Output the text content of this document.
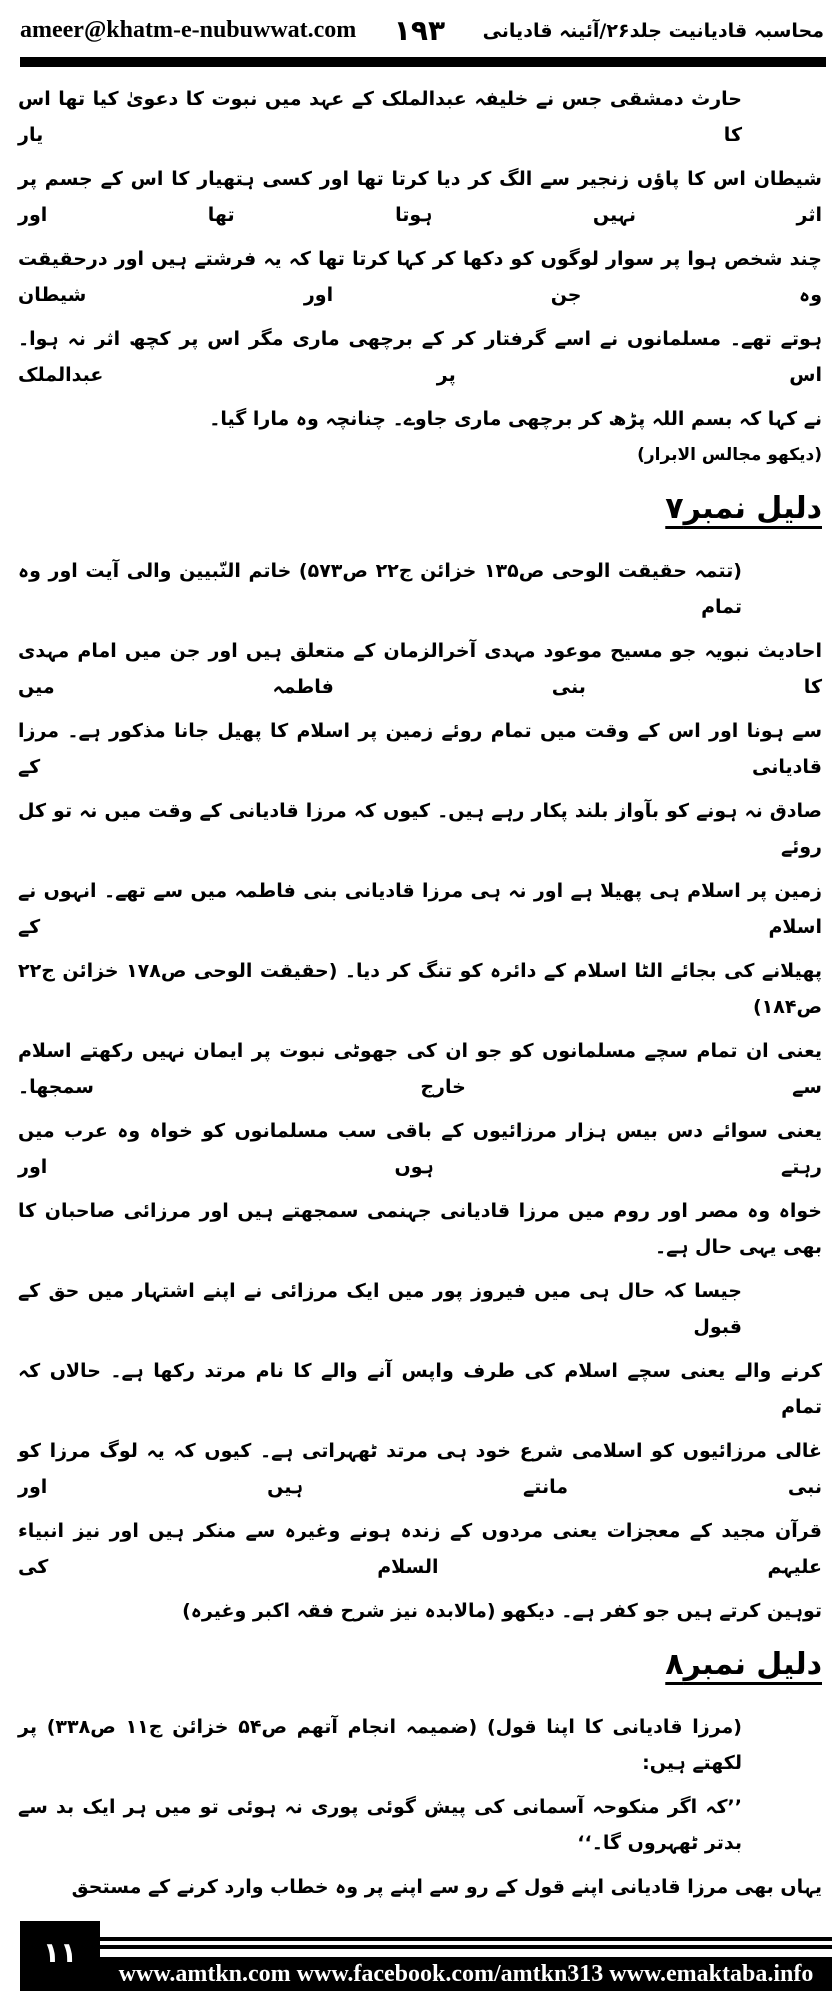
ameer@khatm-e-nubuwwat.com ۱۹۳ محاسبہ قادیانیت جلد۲۶/آئینہ قادیانی
حارث دمشقی جس نے خلیفہ عبدالملک کے عہد میں نبوت کا دعویٰ کیا تھا اس کا یار
شیطان اس کا پاؤں زنجیر سے الگ کر دیا کرتا تھا اور کسی ہتھیار کا اس کے جسم پر اثر نہیں ہوتا تھا اور
چند شخص ہوا پر سوار لوگوں کو دکھا کر کہا کرتا تھا کہ یہ فرشتے ہیں اور درحقیقت وہ جن اور شیطان
ہوتے تھے۔ مسلمانوں نے اسے گرفتار کر کے برچھی ماری مگر اس پر کچھ اثر نہ ہوا۔ اس پر عبدالملک
نے کہا کہ بسم اللہ پڑھ کر برچھی ماری جاوے۔ چنانچہ وہ مارا گیا۔
(دیکھو مجالس الابرار)
دلیل نمبر۷
(تتمہ حقیقت الوحی ص۱۳۵ خزائن ج۲۲ ص۵۷۳) خاتم النّبیین والی آیت اور وہ تمام
احادیث نبویہ جو مسیح موعود مہدی آخرالزمان کے متعلق ہیں اور جن میں امام مہدی کا بنی فاطمہ میں
سے ہونا اور اس کے وقت میں تمام روئے زمین پر اسلام کا پھیل جانا مذکور ہے۔ مرزا قادیانی کے
صادق نہ ہونے کو بآواز بلند پکار رہے ہیں۔ کیوں کہ مرزا قادیانی کے وقت میں نہ تو کل روئے
زمین پر اسلام ہی پھیلا ہے اور نہ ہی مرزا قادیانی بنی فاطمہ میں سے تھے۔ انہوں نے اسلام کے
پھیلانے کی بجائے الٹا اسلام کے دائرہ کو تنگ کر دیا۔ (حقیقت الوحی ص۱۷۸ خزائن ج۲۲ ص۱۸۴)
یعنی ان تمام سچے مسلمانوں کو جو ان کی جھوٹی نبوت پر ایمان نہیں رکھتے اسلام سے خارج سمجھا۔
یعنی سوائے دس بیس ہزار مرزائیوں کے باقی سب مسلمانوں کو خواہ وہ عرب میں رہتے ہوں اور
خواہ وہ مصر اور روم میں مرزا قادیانی جہنمی سمجھتے ہیں اور مرزائی صاحبان کا بھی یہی حال ہے۔
جیسا کہ حال ہی میں فیروز پور میں ایک مرزائی نے اپنے اشتہار میں حق کے قبول
کرنے والے یعنی سچے اسلام کی طرف واپس آنے والے کا نام مرتد رکھا ہے۔ حالاں کہ تمام
غالی مرزائیوں کو اسلامی شرع خود ہی مرتد ٹھہراتی ہے۔ کیوں کہ یہ لوگ مرزا کو نبی مانتے ہیں اور
قرآن مجید کے معجزات یعنی مردوں کے زندہ ہونے وغیرہ سے منکر ہیں اور نیز انبیاء علیہم السلام کی
توہین کرتے ہیں جو کفر ہے۔ دیکھو (مالابدہ نیز شرح فقہ اکبر وغیرہ)
دلیل نمبر۸
(مرزا قادیانی کا اپنا قول) (ضمیمہ انجام آتھم ص۵۴ خزائن ج۱۱ ص۳۳۸) پر لکھتے ہیں:
’’کہ اگر منکوحہ آسمانی کی پیش گوئی پوری نہ ہوئی تو میں ہر ایک بد سے بدتر ٹھہروں گا۔‘‘
یہاں بھی مرزا قادیانی اپنے قول کے رو سے اپنے پر وہ خطاب وارد کرنے کے مستحق
۱۱
www.amtkn.com www.facebook.com/amtkn313 www.emaktaba.info
